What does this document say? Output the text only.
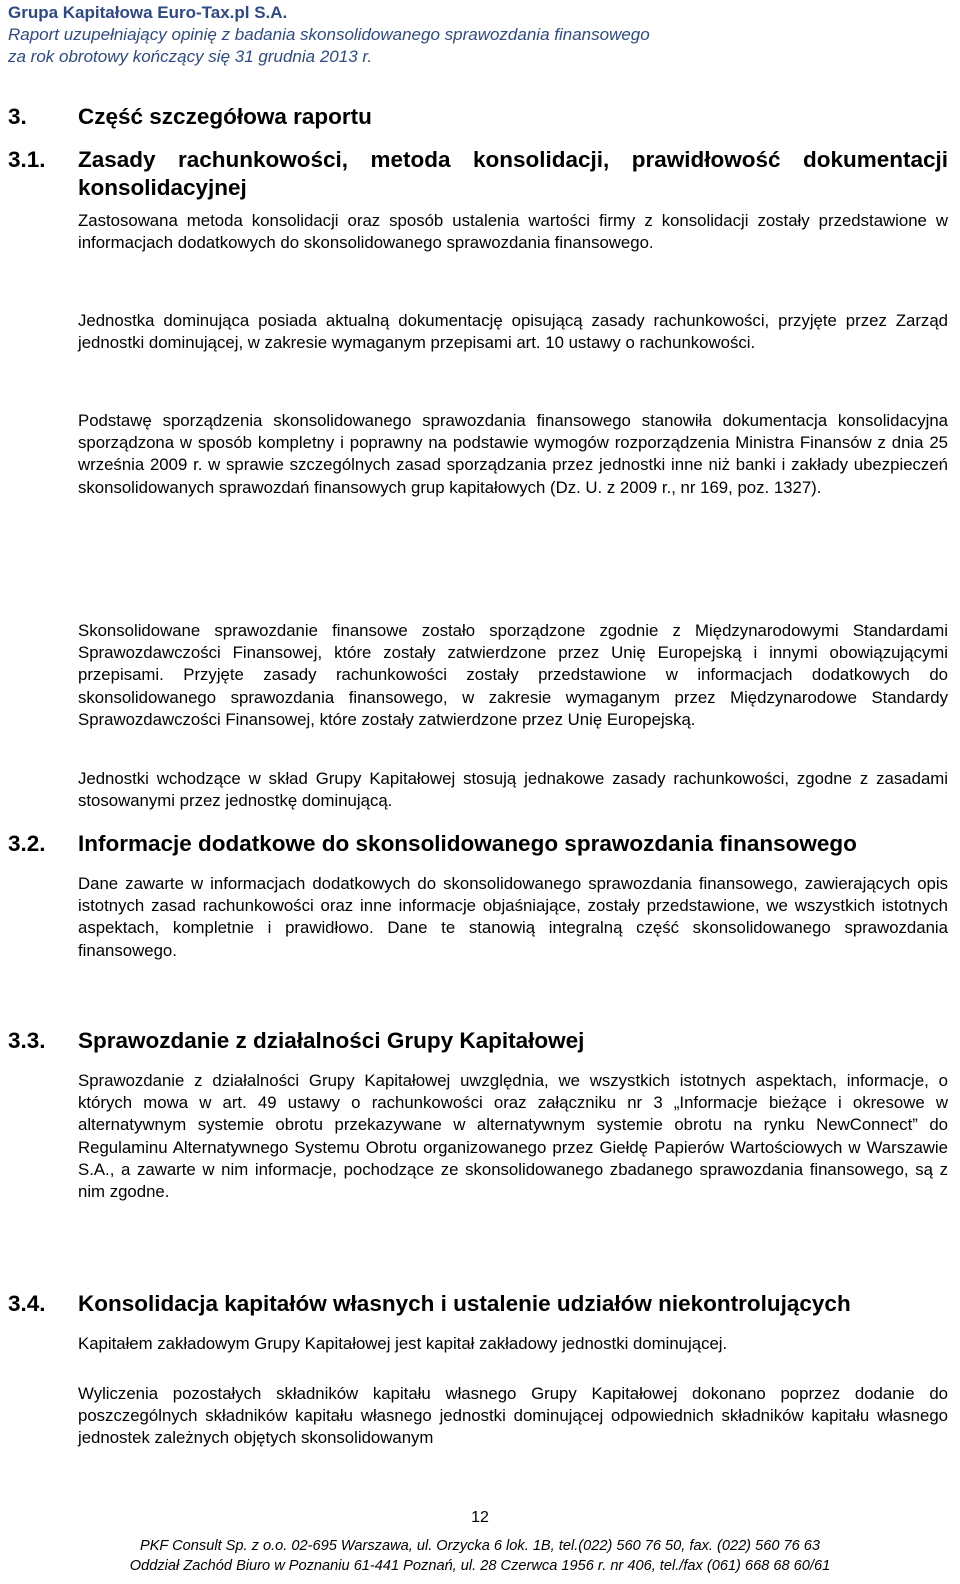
Grupa Kapitałowa Euro-Tax.pl S.A.

Raport uzupełniający opinię z badania skonsolidowanego sprawozdania finansowego

za rok obrotowy kończący się 31 grudnia 2013 r.

3.	Część szczegółowa raportu
3.1.	Zasady rachunkowości, metoda konsolidacji, prawidłowość dokumentacji konsolidacyjnej

Zastosowana metoda konsolidacji oraz sposób ustalenia wartości firmy z konsolidacji zostały przedstawione w informacjach dodatkowych do skonsolidowanego sprawozdania finansowego.

Jednostka dominująca posiada aktualną dokumentację opisującą zasady rachunkowości, przyjęte przez Zarząd jednostki dominującej, w zakresie wymaganym przepisami art. 10 ustawy o rachunkowości.

Podstawę sporządzenia skonsolidowanego sprawozdania finansowego stanowiła dokumentacja konsolidacyjna sporządzona w sposób kompletny i poprawny na podstawie wymogów rozporządzenia Ministra Finansów z dnia 25 września 2009 r. w sprawie szczególnych zasad sporządzania przez jednostki inne niż banki i zakłady ubezpieczeń skonsolidowanych sprawozdań finansowych grup kapitałowych (Dz. U. z 2009 r., nr 169, poz. 1327).

Skonsolidowane sprawozdanie finansowe zostało sporządzone zgodnie z Międzynarodowymi Standardami Sprawozdawczości Finansowej, które zostały zatwierdzone przez Unię Europejską i innymi obowiązującymi przepisami. Przyjęte zasady rachunkowości zostały przedstawione w informacjach dodatkowych do skonsolidowanego sprawozdania finansowego, w zakresie wymaganym przez Międzynarodowe Standardy Sprawozdawczości Finansowej, które zostały zatwierdzone przez Unię Europejską.

Jednostki wchodzące w skład Grupy Kapitałowej stosują jednakowe zasady rachunkowości, zgodne z zasadami stosowanymi przez jednostkę dominującą.

3.2.	Informacje dodatkowe do skonsolidowanego sprawozdania finansowego

Dane zawarte w informacjach dodatkowych do skonsolidowanego sprawozdania finansowego, zawierających opis istotnych zasad rachunkowości oraz inne informacje objaśniające, zostały przedstawione, we wszystkich istotnych aspektach, kompletnie i prawidłowo. Dane te stanowią integralną część skonsolidowanego sprawozdania finansowego.

3.3.	Sprawozdanie z działalności Grupy Kapitałowej

Sprawozdanie z działalności Grupy Kapitałowej uwzględnia, we wszystkich istotnych aspektach, informacje, o których mowa w art. 49 ustawy o rachunkowości oraz załączniku nr 3 „Informacje bieżące i okresowe w alternatywnym systemie obrotu przekazywane w alternatywnym systemie obrotu na rynku NewConnect” do Regulaminu Alternatywnego Systemu Obrotu organizowanego przez Giełdę Papierów Wartościowych w Warszawie S.A., a zawarte w nim informacje, pochodzące ze skonsolidowanego zbadanego sprawozdania finansowego, są z nim zgodne.

3.4.	Konsolidacja kapitałów własnych i ustalenie udziałów niekontrolujących

Kapitałem zakładowym Grupy Kapitałowej jest kapitał zakładowy jednostki dominującej.

Wyliczenia pozostałych składników kapitału własnego Grupy Kapitałowej dokonano poprzez dodanie do poszczególnych składników kapitału własnego jednostki dominującej odpowiednich składników kapitału własnego jednostek zależnych objętych skonsolidowanym

12

PKF Consult Sp. z o.o. 02-695 Warszawa, ul. Orzycka 6 lok. 1B, tel.(022) 560 76 50, fax. (022) 560 76 63

Oddział Zachód Biuro w Poznaniu 61-441 Poznań, ul. 28 Czerwca 1956 r. nr 406, tel./fax (061) 668 68 60/61
